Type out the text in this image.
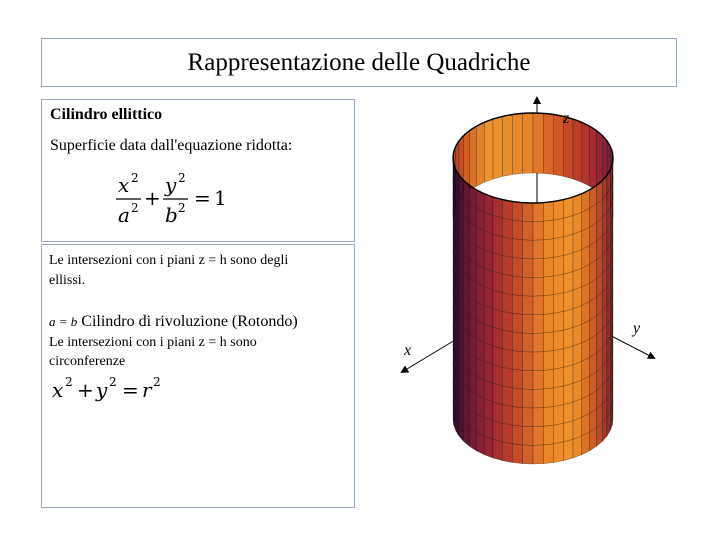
Rappresentazione delle Quadriche
Cilindro ellittico
Superficie data dall'equazione ridotta:
x 2
a 2 +
y 2
b 2 = 1
Le intersezioni con i piani z = h sono degli
ellissi.
a = b Cilindro di rivoluzione (Rotondo)
Le intersezioni con i piani z = h sono
circonferenze
x 2 + y 2 = r 2
z
y
x
